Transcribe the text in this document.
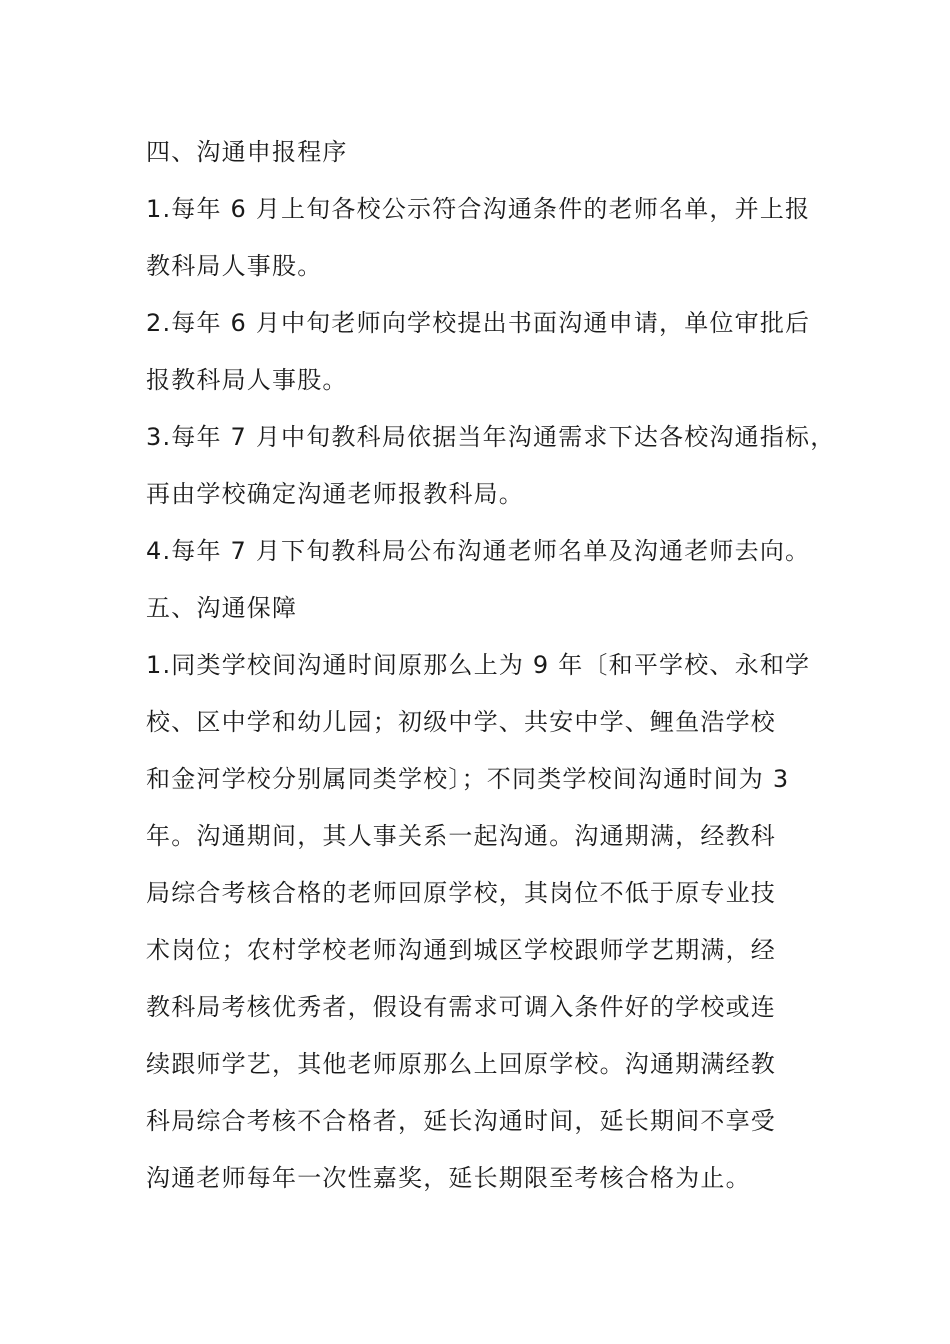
四、沟通申报程序
1.每年 6 月上旬各校公示符合沟通条件的老师名单，并上报
教科局人事股。
2.每年 6 月中旬老师向学校提出书面沟通申请，单位审批后
报教科局人事股。
3.每年 7 月中旬教科局依据当年沟通需求下达各校沟通指标，
再由学校确定沟通老师报教科局。
4.每年 7 月下旬教科局公布沟通老师名单及沟通老师去向。
五、沟通保障
1.同类学校间沟通时间原那么上为 9 年〔和平学校、永和学
校、区中学和幼儿园；初级中学、共安中学、鲤鱼浩学校
和金河学校分别属同类学校〕；不同类学校间沟通时间为 3
年。沟通期间，其人事关系一起沟通。沟通期满，经教科
局综合考核合格的老师回原学校，其岗位不低于原专业技
术岗位；农村学校老师沟通到城区学校跟师学艺期满，经
教科局考核优秀者，假设有需求可调入条件好的学校或连
续跟师学艺，其他老师原那么上回原学校。沟通期满经教
科局综合考核不合格者，延长沟通时间，延长期间不享受
沟通老师每年一次性嘉奖，延长期限至考核合格为止。
